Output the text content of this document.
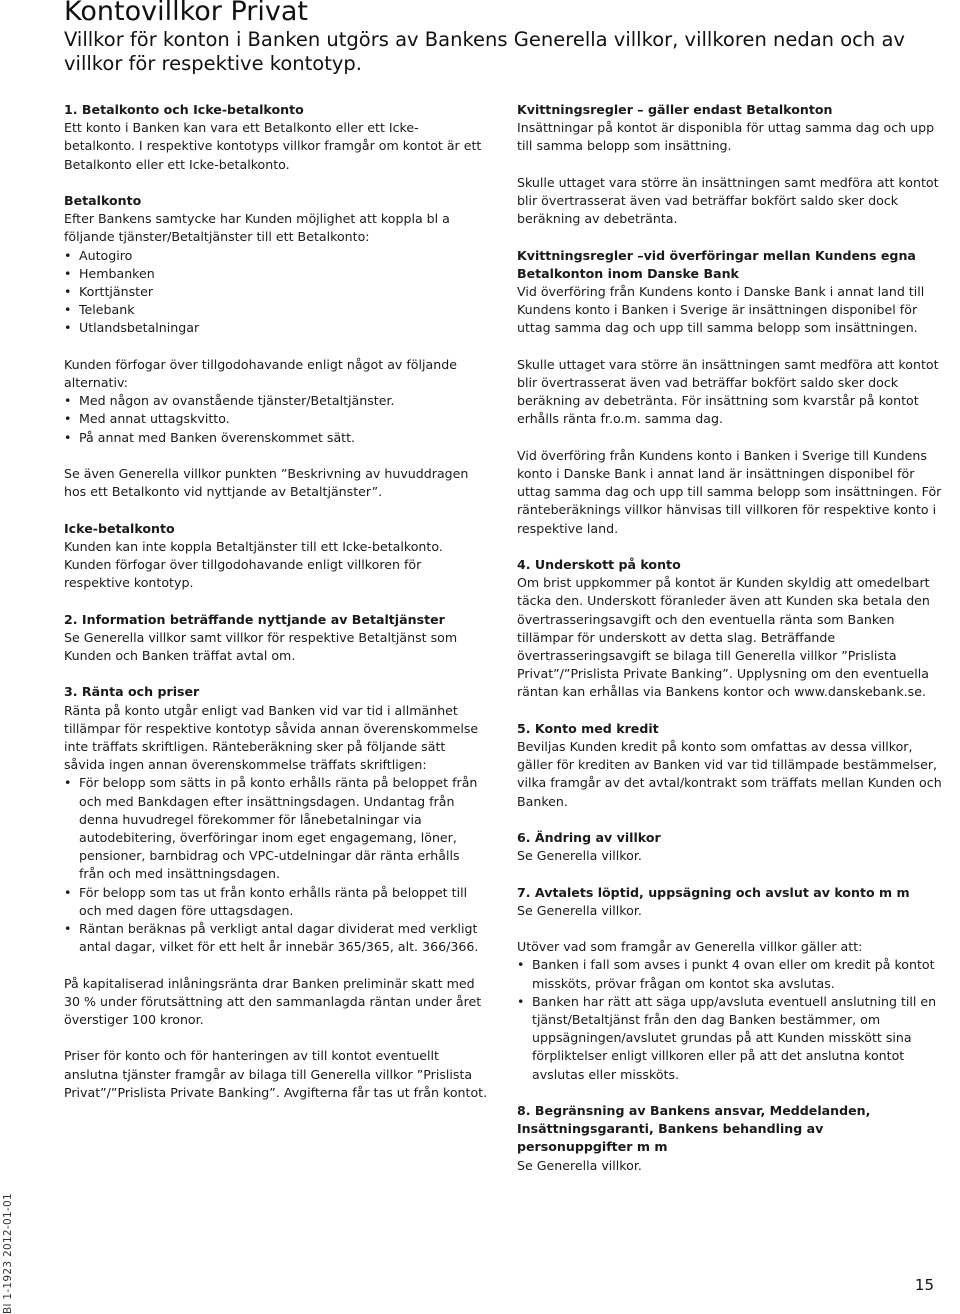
Kontovillkor Privat

Villkor för konton i Banken utgörs av Bankens Generella villkor, villkoren nedan och av villkor för respektive kontotyp.

1. Betalkonto och Icke-betalkonto

Ett konto i Banken kan vara ett Betalkonto eller ett Icke-betalkonto. I respektive kontotyps villkor framgår om kontot är ett Betalkonto eller ett Icke-betalkonto.

Betalkonto

Efter Bankens samtycke har Kunden möjlighet att koppla bl a följande tjänster/Betaltjänster till ett Betalkonto:

• Autogiro
• Hembanken
• Korttjänster
• Telebank
• Utlandsbetalningar

Kunden förfogar över tillgodohavande enligt något av följande alternativ:

• Med någon av ovanstående tjänster/Betaltjänster.
• Med annat uttagskvitto.
• På annat med Banken överenskommet sätt.

Se även Generella villkor punkten ”Beskrivning av huvuddragen hos ett Betalkonto vid nyttjande av Betaltjänster”.

Icke-betalkonto

Kunden kan inte koppla Betaltjänster till ett Icke-betalkonto. Kunden förfogar över tillgodohavande enligt villkoren för respektive kontotyp.

2. Information beträffande nyttjande av Betaltjänster

Se Generella villkor samt villkor för respektive Betaltjänst som Kunden och Banken träffat avtal om.

3. Ränta och priser

Ränta på konto utgår enligt vad Banken vid var tid i allmänhet tillämpar för respektive kontotyp såvida annan överenskommelse inte träffats skriftligen. Ränteberäkning sker på följande sätt såvida ingen annan överenskommelse träffats skriftligen:

• För belopp som sätts in på konto erhålls ränta på beloppet från och med Bankdagen efter insättningsdagen. Undantag från denna huvudregel förekommer för lånebetalningar via autodebitering, överföringar inom eget engagemang, löner, pensioner, barnbidrag och VPC-utdelningar där ränta erhålls från och med insättningsdagen.
• För belopp som tas ut från konto erhålls ränta på beloppet till och med dagen före uttagsdagen.
• Räntan beräknas på verkligt antal dagar dividerat med verkligt antal dagar, vilket för ett helt år innebär 365/365, alt. 366/366.

På kapitaliserad inlåningsränta drar Banken preliminär skatt med 30 % under förutsättning att den sammanlagda räntan under året överstiger 100 kronor.

Priser för konto och för hanteringen av till kontot eventuellt anslutna tjänster framgår av bilaga till Generella villkor ”Prislista Privat”/”Prislista Private Banking”. Avgifterna får tas ut från kontot.

Kvittningsregler – gäller endast Betalkonton

Insättningar på kontot är disponibla för uttag samma dag och upp till samma belopp som insättning.

Skulle uttaget vara större än insättningen samt medföra att kontot blir övertrasserat även vad beträffar bokfört saldo sker dock beräkning av debetränta.

Kvittningsregler –vid överföringar mellan Kundens egna Betalkonton inom Danske Bank

Vid överföring från Kundens konto i Danske Bank i annat land till Kundens konto i Banken i Sverige är insättningen disponibel för uttag samma dag och upp till samma belopp som insättningen.

Skulle uttaget vara större än insättningen samt medföra att kontot blir övertrasserat även vad beträffar bokfört saldo sker dock beräkning av debetränta. För insättning som kvarstår på kontot erhålls ränta fr.o.m. samma dag.

Vid överföring från Kundens konto i Banken i Sverige till Kundens konto i Danske Bank i annat land är insättningen disponibel för uttag samma dag och upp till samma belopp som insättningen. För ränteberäknings villkor hänvisas till villkoren för respektive konto i respektive land.

4. Underskott på konto

Om brist uppkommer på kontot är Kunden skyldig att omedelbart täcka den. Underskott föranleder även att Kunden ska betala den övertrasseringsavgift och den eventuella ränta som Banken tillämpar för underskott av detta slag. Beträffande övertrasseringsavgift se bilaga till Generella villkor ”Prislista Privat”/”Prislista Private Banking”. Upplysning om den eventuella räntan kan erhållas via Bankens kontor och www.danskebank.se.

5. Konto med kredit

Beviljas Kunden kredit på konto som omfattas av dessa villkor, gäller för krediten av Banken vid var tid tillämpade bestämmelser, vilka framgår av det avtal/kontrakt som träffats mellan Kunden och Banken.

6. Ändring av villkor

Se Generella villkor.

7. Avtalets löptid, uppsägning och avslut av konto m m

Se Generella villkor.

Utöver vad som framgår av Generella villkor gäller att:

• Banken i fall som avses i punkt 4 ovan eller om kredit på kontot missköts, prövar frågan om kontot ska avslutas.
• Banken har rätt att säga upp/avsluta eventuell anslutning till en tjänst/Betaltjänst från den dag Banken bestämmer, om uppsägningen/avslutet grundas på att Kunden misskött sina förpliktelser enligt villkoren eller på att det anslutna kontot avslutas eller missköts.

8. Begränsning av Bankens ansvar, Meddelanden, Insättningsgaranti, Bankens behandling av personuppgifter m m

Se Generella villkor.

Bl 1-1923 2012-01-01	15
